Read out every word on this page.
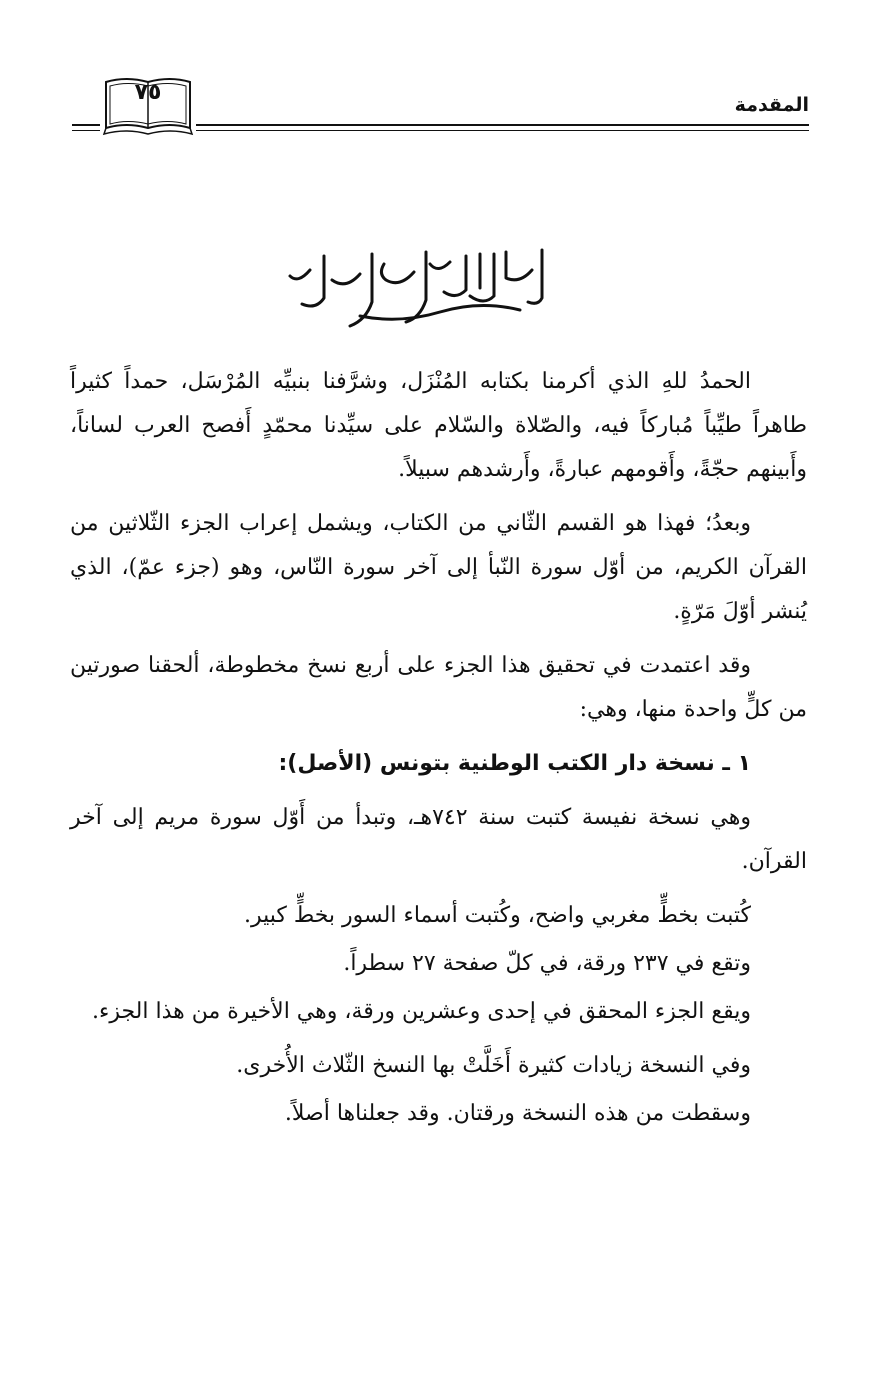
المقدمة
٧٥

الحمدُ للهِ الذي أكرمنا بكتابه المُنْزَل، وشرَّفنا بنبيِّه المُرْسَل، حمداً كثيراً طاهراً طيِّباً مُباركاً فيه، والصّلاة والسّلام على سيِّدنا محمّدٍ أَفصح العرب لساناً، وأَبينهم حجّةً، وأَقومهم عبارةً، وأَرشدهم سبيلاً.

وبعدُ؛ فهذا هو القسم الثّاني من الكتاب، ويشمل إعراب الجزء الثّلاثين من القرآن الكريم، من أوّل سورة النّبأ إلى آخر سورة النّاس، وهو (جزء عمّ)، الذي يُنشر أوّلَ مَرّةٍ.

وقد اعتمدت في تحقيق هذا الجزء على أربع نسخ مخطوطة، ألحقنا صورتين من كلٍّ واحدة منها، وهي:

١ ـ نسخة دار الكتب الوطنية بتونس (الأصل):

وهي نسخة نفيسة كتبت سنة ٧٤٢هـ، وتبدأ من أَوّل سورة مريم إلى آخر القرآن.

كُتبت بخطٍّ مغربي واضح، وكُتبت أسماء السور بخطٍّ كبير.

وتقع في ٢٣٧ ورقة، في كلّ صفحة ٢٧ سطراً.

ويقع الجزء المحقق في إحدى وعشرين ورقة، وهي الأخيرة من هذا الجزء.

وفي النسخة زيادات كثيرة أَخَلَّتْ بها النسخ الثّلاث الأُخرى.

وسقطت من هذه النسخة ورقتان. وقد جعلناها أصلاً.
